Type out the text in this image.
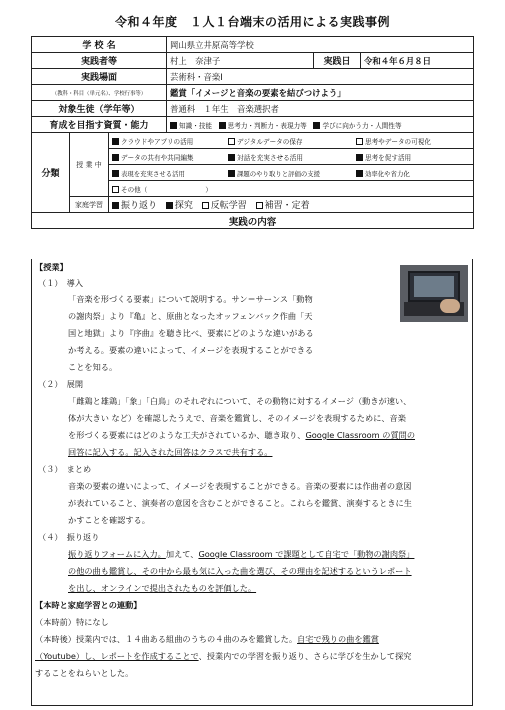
令和４年度　１人１台端末の活用による実践事例
学 校 名			岡山県立井原高等学校		
実践者等			村上　奈津子	実践日	令和４年６月８日
実践場面			芸術科・音楽Ⅰ		
（教科・科目（単元名）、学校行事等）			鑑賞「イメージと音楽の要素を結びつけよう」		
対象生徒（学年等）			普通科　１年生　音楽選択者		
育成を目指す資質・能力			知識・技能 思考力・判断力・表現力等 学びに向かう力・人間性等		
分類	授 業 中	クラウドやアプリの活用 デジタルデータの保存 思考やデータの可視化			
		データの共有や共同編集 対話を充実させる活用 思考を促す活用			
		表現を充実させる活用 課題のやり取りと評価の支援 効率化や省力化			
		その他（ ）			
	家庭学習	振り返り 探究 反転学習 補習・定着			
実践の内容					
【授業】
（１）　導入
「音楽を形づくる要素」について説明する。サン＝サーンス「動物
の謝肉祭」より『亀』と、原曲となったオッフェンバック作曲「天
国と地獄」より『序曲』を聴き比べ、要素にどのような違いがある
か考える。要素の違いによって、イメージを表現することができる
ことを知る。
（２）　展開
「雌鶏と雄鶏」「象」「白鳥」のそれぞれについて、その動物に対するイメージ（動きが速い、
体が大きい など）を確認したうえで、音楽を鑑賞し、そのイメージを表現するために、音楽
を形づくる要素にはどのような工夫がされているか、聴き取り、Google Classroom の質問の
回答に記入する。記入された回答はクラスで共有する。
（３）　まとめ
音楽の要素の違いによって、イメージを表現することができる。音楽の要素には作曲者の意図
が表れていること、演奏者の意図を含むことができること。これらを鑑賞、演奏するときに生
かすことを確認する。
（４）　振り返り
振り返りフォームに入力。加えて、Google Classroom で課題として自宅で「動物の謝肉祭」
の他の曲も鑑賞し、その中から最も気に入った曲を選び、その理由を記述するというレポート
を出し、オンラインで提出されたものを評価した。
【本時と家庭学習との連動】
（本時前）特になし
（本時後）授業内では、１４曲ある組曲のうちの４曲のみを鑑賞した。自宅で残りの曲を鑑賞
（Youtube）し、レポートを作成することで、授業内での学習を振り返り、さらに学びを生かして探究
することをねらいとした。
